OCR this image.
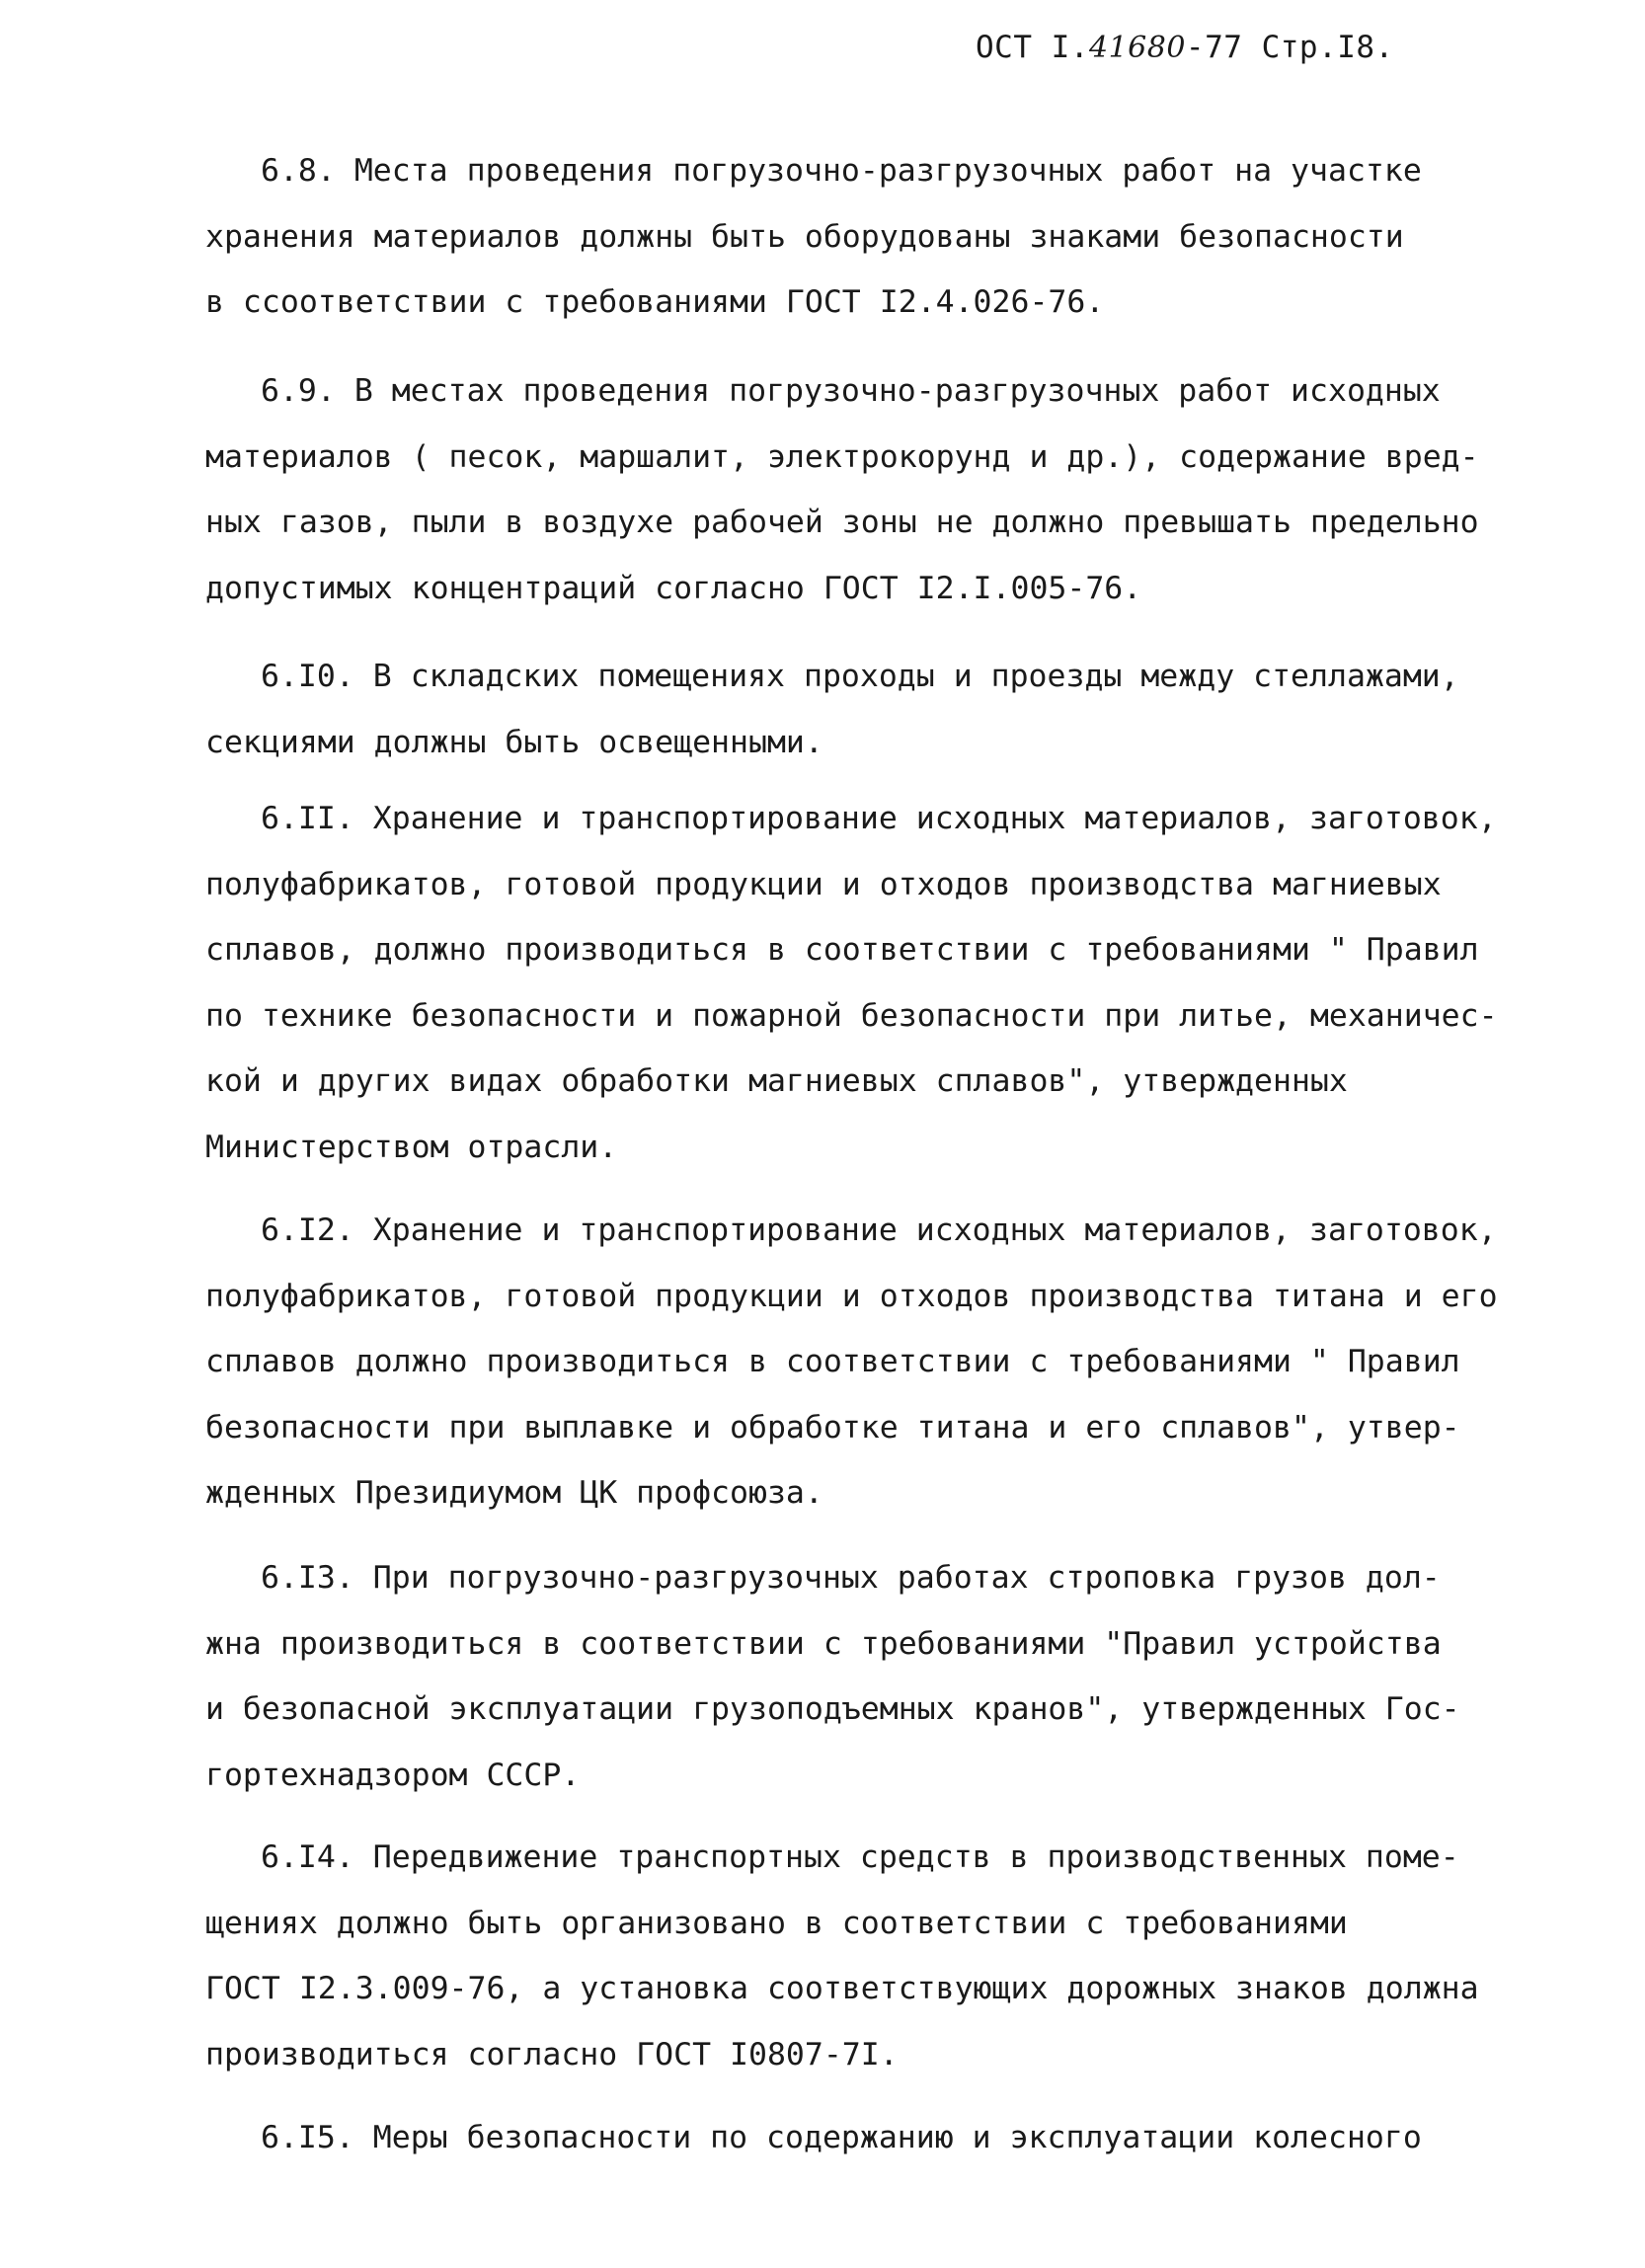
ОСТ I.41680-77 Стр.I8.
6.8. Места проведения погрузочно-разгрузочных работ на участке
хранения материалов должны быть оборудованы знаками безопасности
в ссоответствии с требованиями ГОСТ I2.4.026-76.
6.9. В местах проведения погрузочно-разгрузочных работ исходных
материалов ( песок, маршалит, электрокорунд и др.), содержание вред-
ных газов, пыли в воздухе рабочей зоны не должно превышать предельно
допустимых концентраций согласно ГОСТ I2.I.005-76.
6.I0. В складских помещениях проходы и проезды между стеллажами,
секциями должны быть освещенными.
6.II. Хранение и транспортирование исходных материалов, заготовок,
полуфабрикатов, готовой продукции и отходов производства магниевых
сплавов, должно производиться в соответствии с требованиями " Правил
по технике безопасности и пожарной безопасности при литье, механичес-
кой и других видах обработки магниевых сплавов", утвержденных
Министерством отрасли.
6.I2. Хранение и транспортирование исходных материалов, заготовок,
полуфабрикатов, готовой продукции и отходов производства титана и его
сплавов должно производиться в соответствии с требованиями " Правил
безопасности при выплавке и обработке титана и его сплавов", утвер-
жденных Президиумом ЦК профсоюза.
6.I3. При погрузочно-разгрузочных работах строповка грузов дол-
жна производиться в соответствии с требованиями "Правил устройства
и безопасной эксплуатации грузоподъемных кранов", утвержденных Гос-
гортехнадзором СССР.
6.I4. Передвижение транспортных средств в производственных поме-
щениях должно быть организовано в соответствии с требованиями
ГОСТ I2.3.009-76, а установка соответствующих дорожных знаков должна
производиться согласно ГОСТ I0807-7I.
6.I5. Меры безопасности по содержанию и эксплуатации колесного
